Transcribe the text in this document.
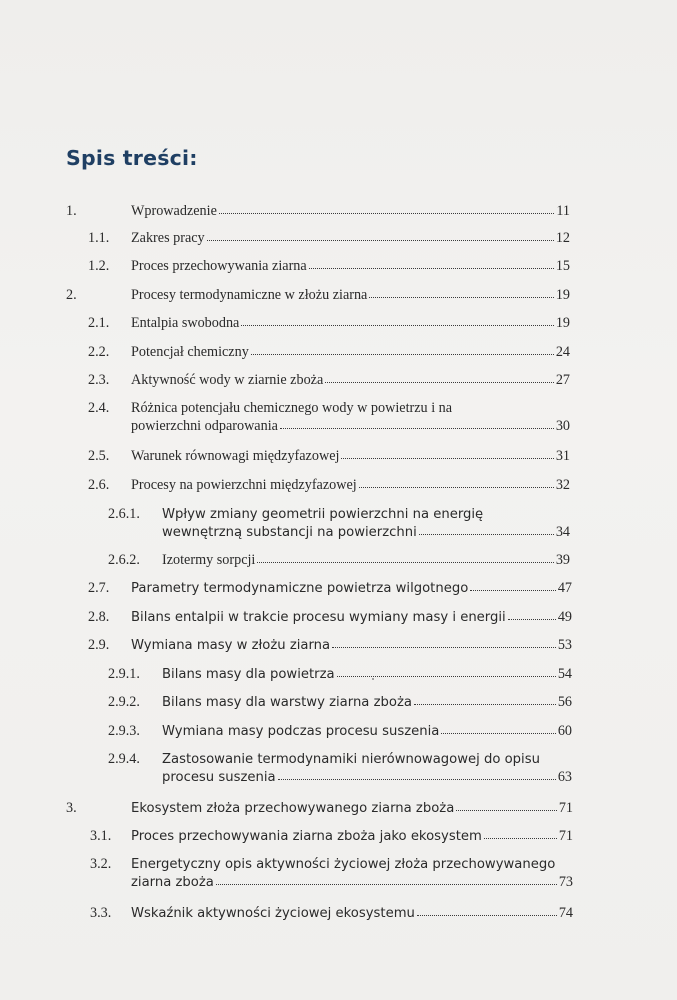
Spis treści:
1.	Wprowadzenie	11
1.1. Zakres pracy	12
1.2. Proces przechowywania ziarna	15
2.	Procesy termodynamiczne w złożu ziarna	19
2.1. Entalpia swobodna	19
2.2. Potencjał chemiczny	24
2.3. Aktywność wody w ziarnie zboża	27
2.4. Różnica potencjału chemicznego wody w powietrzu i na
powierzchni odparowania	30
2.5. Warunek równowagi międzyfazowej	31
2.6. Procesy na powierzchni międzyfazowej	32
2.6.1. Wpływ zmiany geometrii powierzchni na energię
wewnętrzną substancji na powierzchni	34
2.6.2. Izotermy sorpcji	39
2.7. Parametry termodynamiczne powietrza wilgotnego	47
2.8. Bilans entalpii w trakcie procesu wymiany masy i energii	49
2.9. Wymiana masy w złożu ziarna	53
2.9.1. Bilans masy dla powietrza	54
2.9.2. Bilans masy dla warstwy ziarna zboża	56
2.9.3. Wymiana masy podczas procesu suszenia	60
2.9.4. Zastosowanie termodynamiki nierównowagowej do opisu
procesu suszenia	63
3.	Ekosystem złoża przechowywanego ziarna zboża	71
3.1. Proces przechowywania ziarna zboża jako ekosystem	71
3.2. Energetyczny opis aktywności życiowej złoża przechowywanego
ziarna zboża	73
3.3. Wskaźnik aktywności życiowej ekosystemu	74
